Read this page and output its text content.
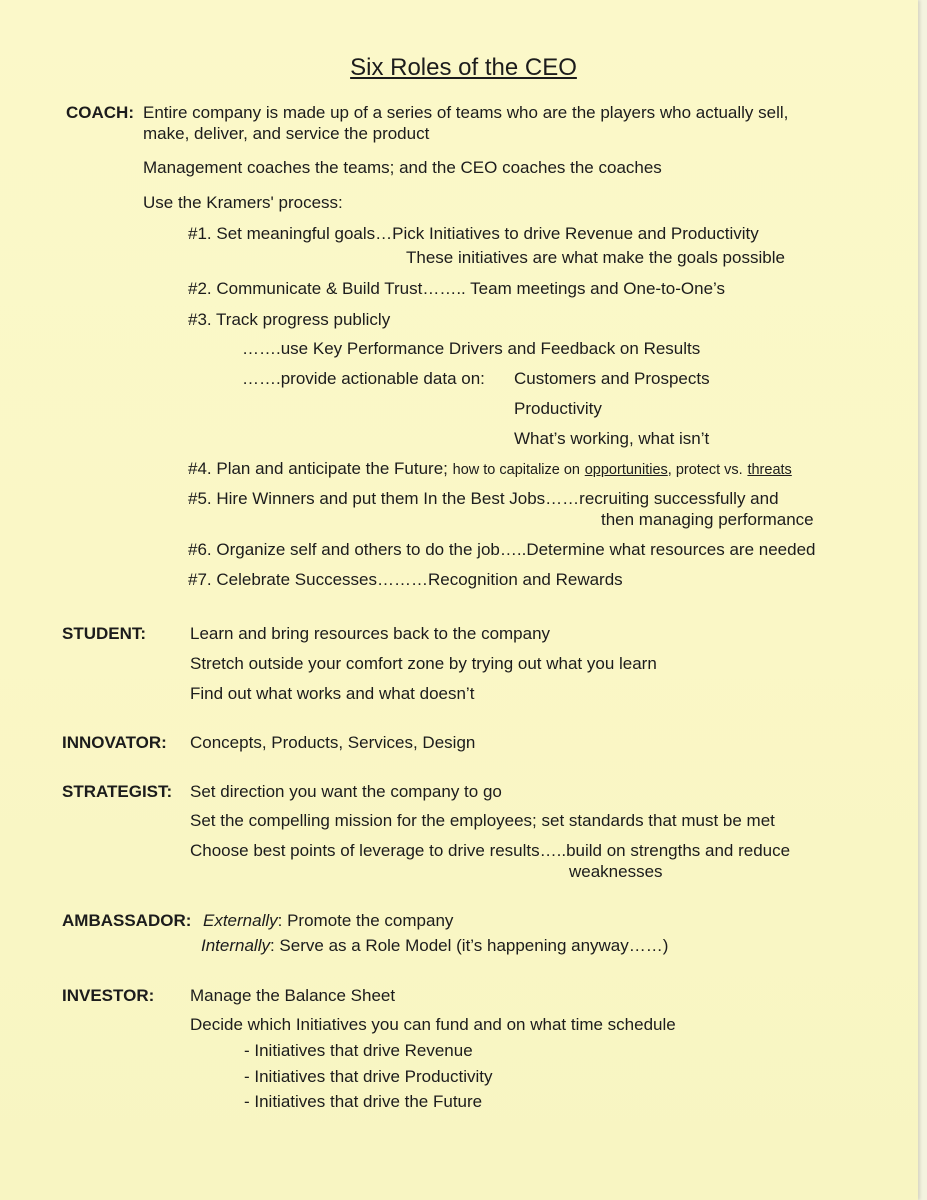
Six Roles of the CEO
COACH: Entire company is made up of a series of teams who are the players who actually sell,
make, deliver, and service the product
Management coaches the teams; and the CEO coaches the coaches
Use the Kramers' process:
#1. Set meaningful goals…Pick Initiatives to drive Revenue and Productivity
These initiatives are what make the goals possible
#2. Communicate & Build Trust…….. Team meetings and One-to-One’s
#3. Track progress publicly
…….use Key Performance Drivers and Feedback on Results
…….provide actionable data on: Customers and Prospects
Productivity
What’s working, what isn’t
#4. Plan and anticipate the Future; how to capitalize on opportunities, protect vs. threats
#5. Hire Winners and put them In the Best Jobs……recruiting successfully and
then managing performance
#6. Organize self and others to do the job…..Determine what resources are needed
#7. Celebrate Successes………Recognition and Rewards
STUDENT:	Learn and bring resources back to the company
Stretch outside your comfort zone by trying out what you learn
Find out what works and what doesn’t
INNOVATOR: Concepts, Products, Services, Design
STRATEGIST: Set direction you want the company to go
Set the compelling mission for the employees; set standards that must be met
Choose best points of leverage to drive results…..build on strengths and reduce
weaknesses
AMBASSADOR: Externally: Promote the company
Internally: Serve as a Role Model (it’s happening anyway……)
INVESTOR: Manage the Balance Sheet
Decide which Initiatives you can fund and on what time schedule
- Initiatives that drive Revenue
- Initiatives that drive Productivity
- Initiatives that drive the Future
